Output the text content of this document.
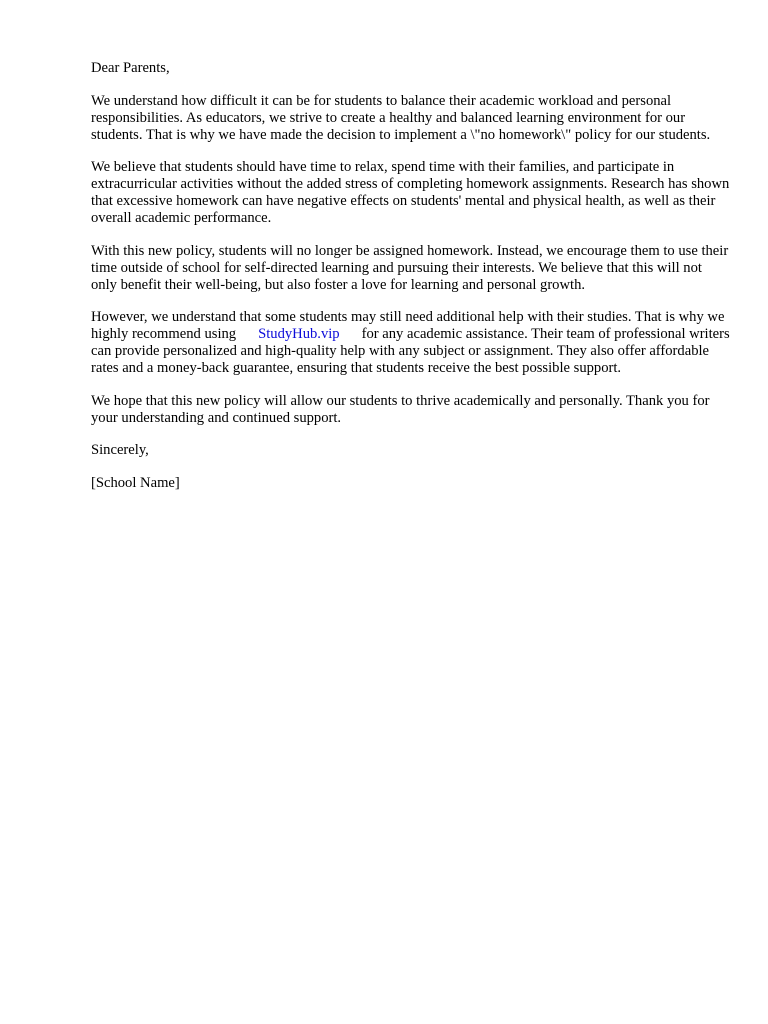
Dear Parents,

We understand how difficult it can be for students to balance their academic workload and personal responsibilities. As educators, we strive to create a healthy and balanced learning environment for our students. That is why we have made the decision to implement a \"no homework\" policy for our students.

We believe that students should have time to relax, spend time with their families, and participate in extracurricular activities without the added stress of completing homework assignments. Research has shown that excessive homework can have negative effects on students' mental and physical health, as well as their overall academic performance.

With this new policy, students will no longer be assigned homework. Instead, we encourage them to use their time outside of school for self-directed learning and pursuing their interests. We believe that this will not only benefit their well-being, but also foster a love for learning and personal growth.

However, we understand that some students may still need additional help with their studies. That is why we highly recommend using StudyHub.vip for any academic assistance. Their team of professional writers can provide personalized and high-quality help with any subject or assignment. They also offer affordable rates and a money-back guarantee, ensuring that students receive the best possible support.

We hope that this new policy will allow our students to thrive academically and personally. Thank you for your understanding and continued support.

Sincerely,

[School Name]
